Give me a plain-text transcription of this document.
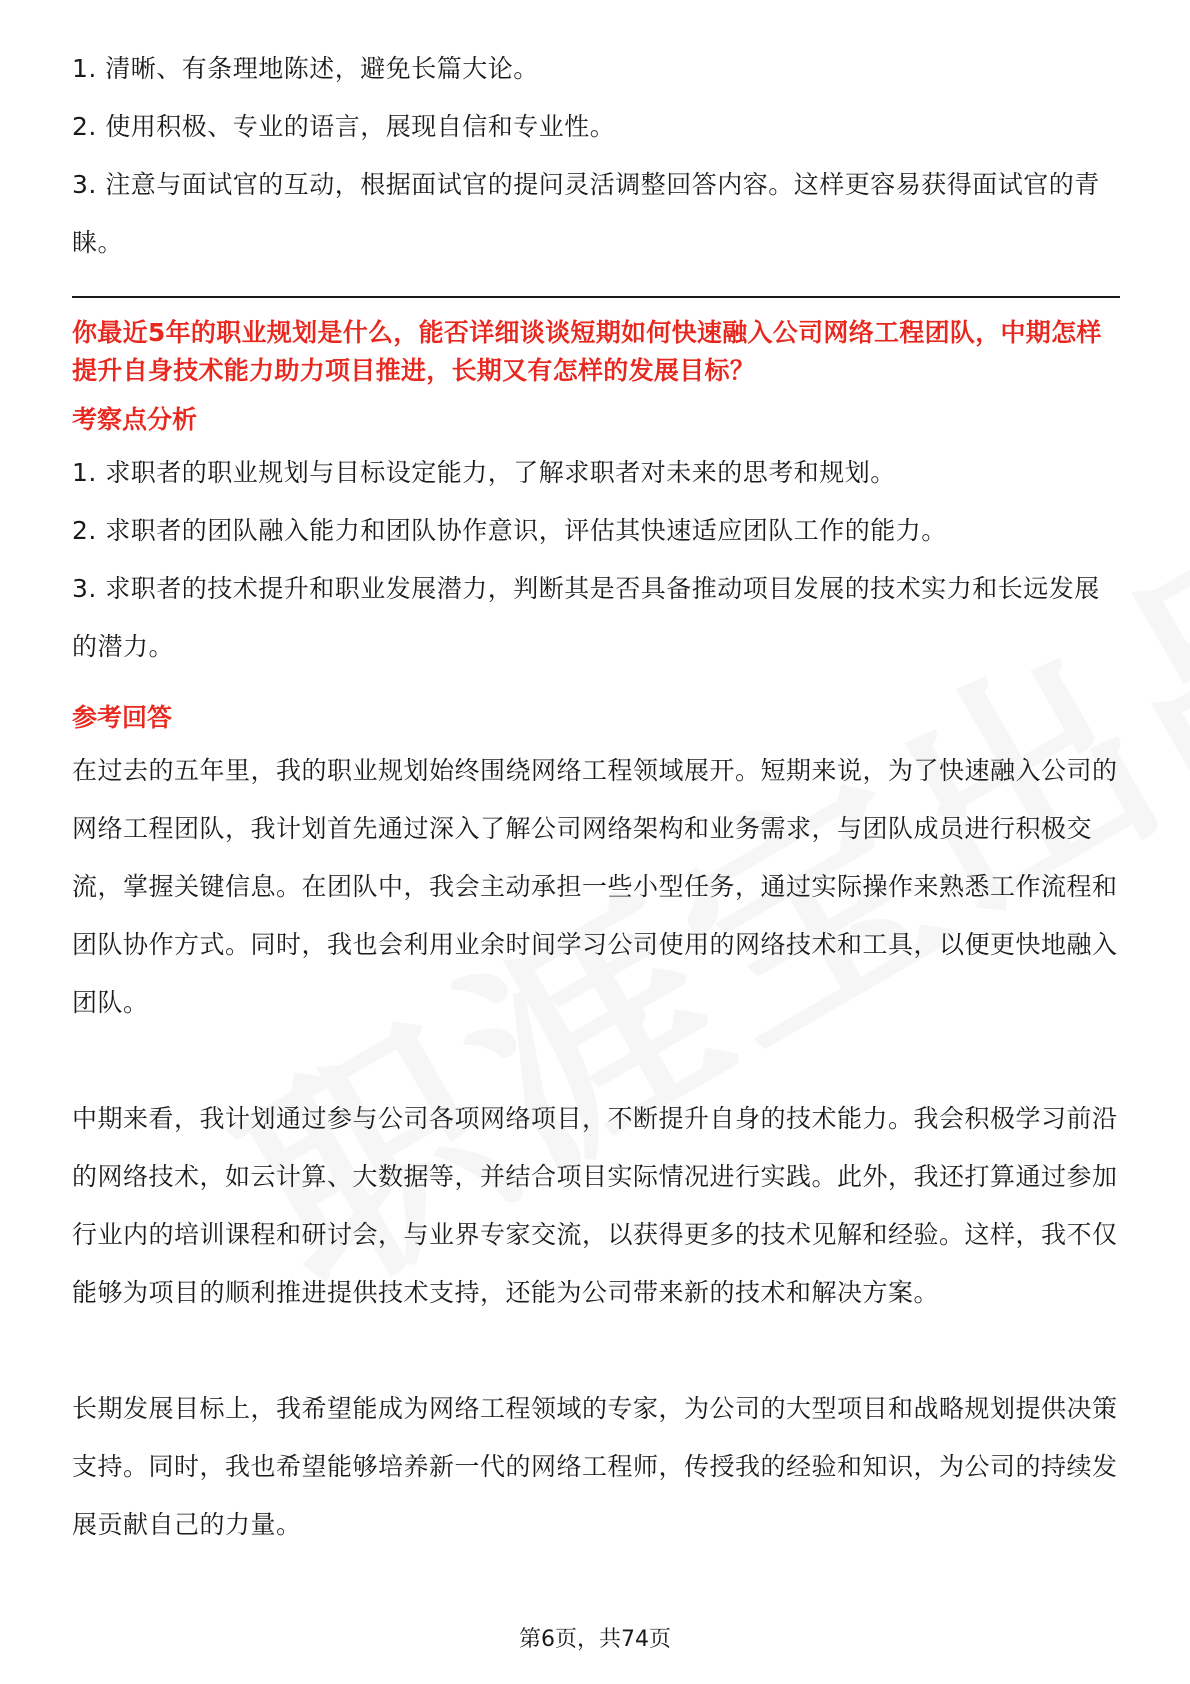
1. 清晰、有条理地陈述，避免长篇大论。

2. 使用积极、专业的语言，展现自信和专业性。

3. 注意与面试官的互动，根据面试官的提问灵活调整回答内容。这样更容易获得面试官的青睐。

你最近5年的职业规划是什么，能否详细谈谈短期如何快速融入公司网络工程团队，中期怎样提升自身技术能力助力项目推进，长期又有怎样的发展目标？

考察点分析

1. 求职者的职业规划与目标设定能力，了解求职者对未来的思考和规划。

2. 求职者的团队融入能力和团队协作意识，评估其快速适应团队工作的能力。

3. 求职者的技术提升和职业发展潜力，判断其是否具备推动项目发展的技术实力和长远发展的潜力。

参考回答

在过去的五年里，我的职业规划始终围绕网络工程领域展开。短期来说，为了快速融入公司的网络工程团队，我计划首先通过深入了解公司网络架构和业务需求，与团队成员进行积极交流，掌握关键信息。在团队中，我会主动承担一些小型任务，通过实际操作来熟悉工作流程和团队协作方式。同时，我也会利用业余时间学习公司使用的网络技术和工具，以便更快地融入团队。

中期来看，我计划通过参与公司各项网络项目，不断提升自身的技术能力。我会积极学习前沿的网络技术，如云计算、大数据等，并结合项目实际情况进行实践。此外，我还打算通过参加行业内的培训课程和研讨会，与业界专家交流，以获得更多的技术见解和经验。这样，我不仅能够为项目的顺利推进提供技术支持，还能为公司带来新的技术和解决方案。

长期发展目标上，我希望能成为网络工程领域的专家，为公司的大型项目和战略规划提供决策支持。同时，我也希望能够培养新一代的网络工程师，传授我的经验和知识，为公司的持续发展贡献自己的力量。

第6页，共74页
